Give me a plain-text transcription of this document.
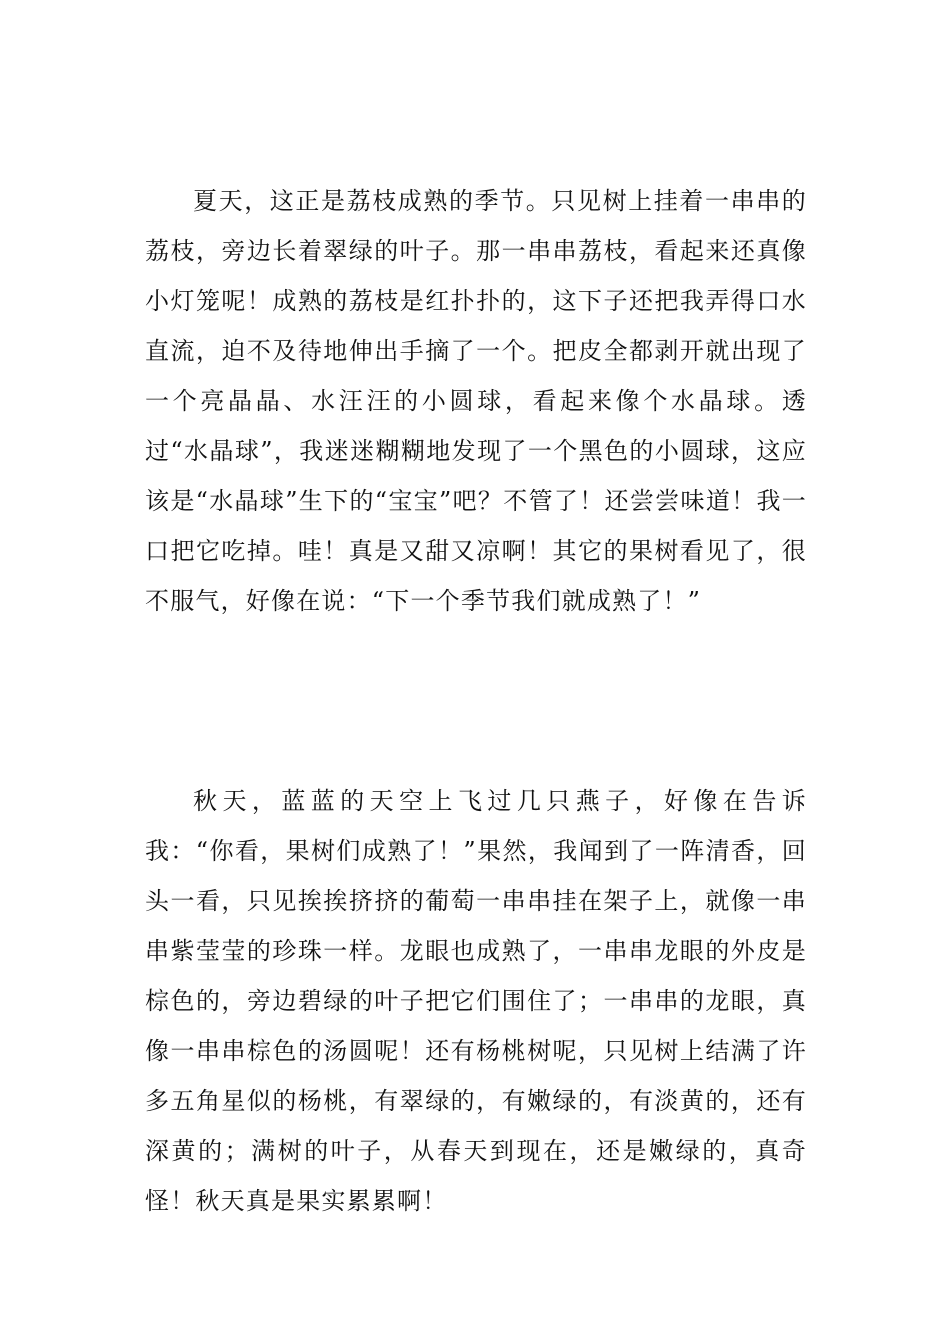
夏天，这正是荔枝成熟的季节。只见树上挂着一串串的荔枝，旁边长着翠绿的叶子。那一串串荔枝，看起来还真像小灯笼呢！成熟的荔枝是红扑扑的，这下子还把我弄得口水直流，迫不及待地伸出手摘了一个。把皮全都剥开就出现了一个亮晶晶、水汪汪的小圆球，看起来像个水晶球。透过“水晶球”，我迷迷糊糊地发现了一个黑色的小圆球，这应该是“水晶球”生下的“宝宝”吧？不管了！还尝尝味道！我一口把它吃掉。哇！真是又甜又凉啊！其它的果树看见了，很不服气，好像在说：“下一个季节我们就成熟了！”

秋天，蓝蓝的天空上飞过几只燕子，好像在告诉我：“你看，果树们成熟了！”果然，我闻到了一阵清香，回头一看，只见挨挨挤挤的葡萄一串串挂在架子上，就像一串串紫莹莹的珍珠一样。龙眼也成熟了，一串串龙眼的外皮是棕色的，旁边碧绿的叶子把它们围住了；一串串的龙眼，真像一串串棕色的汤圆呢！还有杨桃树呢，只见树上结满了许多五角星似的杨桃，有翠绿的，有嫩绿的，有淡黄的，还有深黄的；满树的叶子，从春天到现在，还是嫩绿的，真奇怪！秋天真是果实累累啊！
